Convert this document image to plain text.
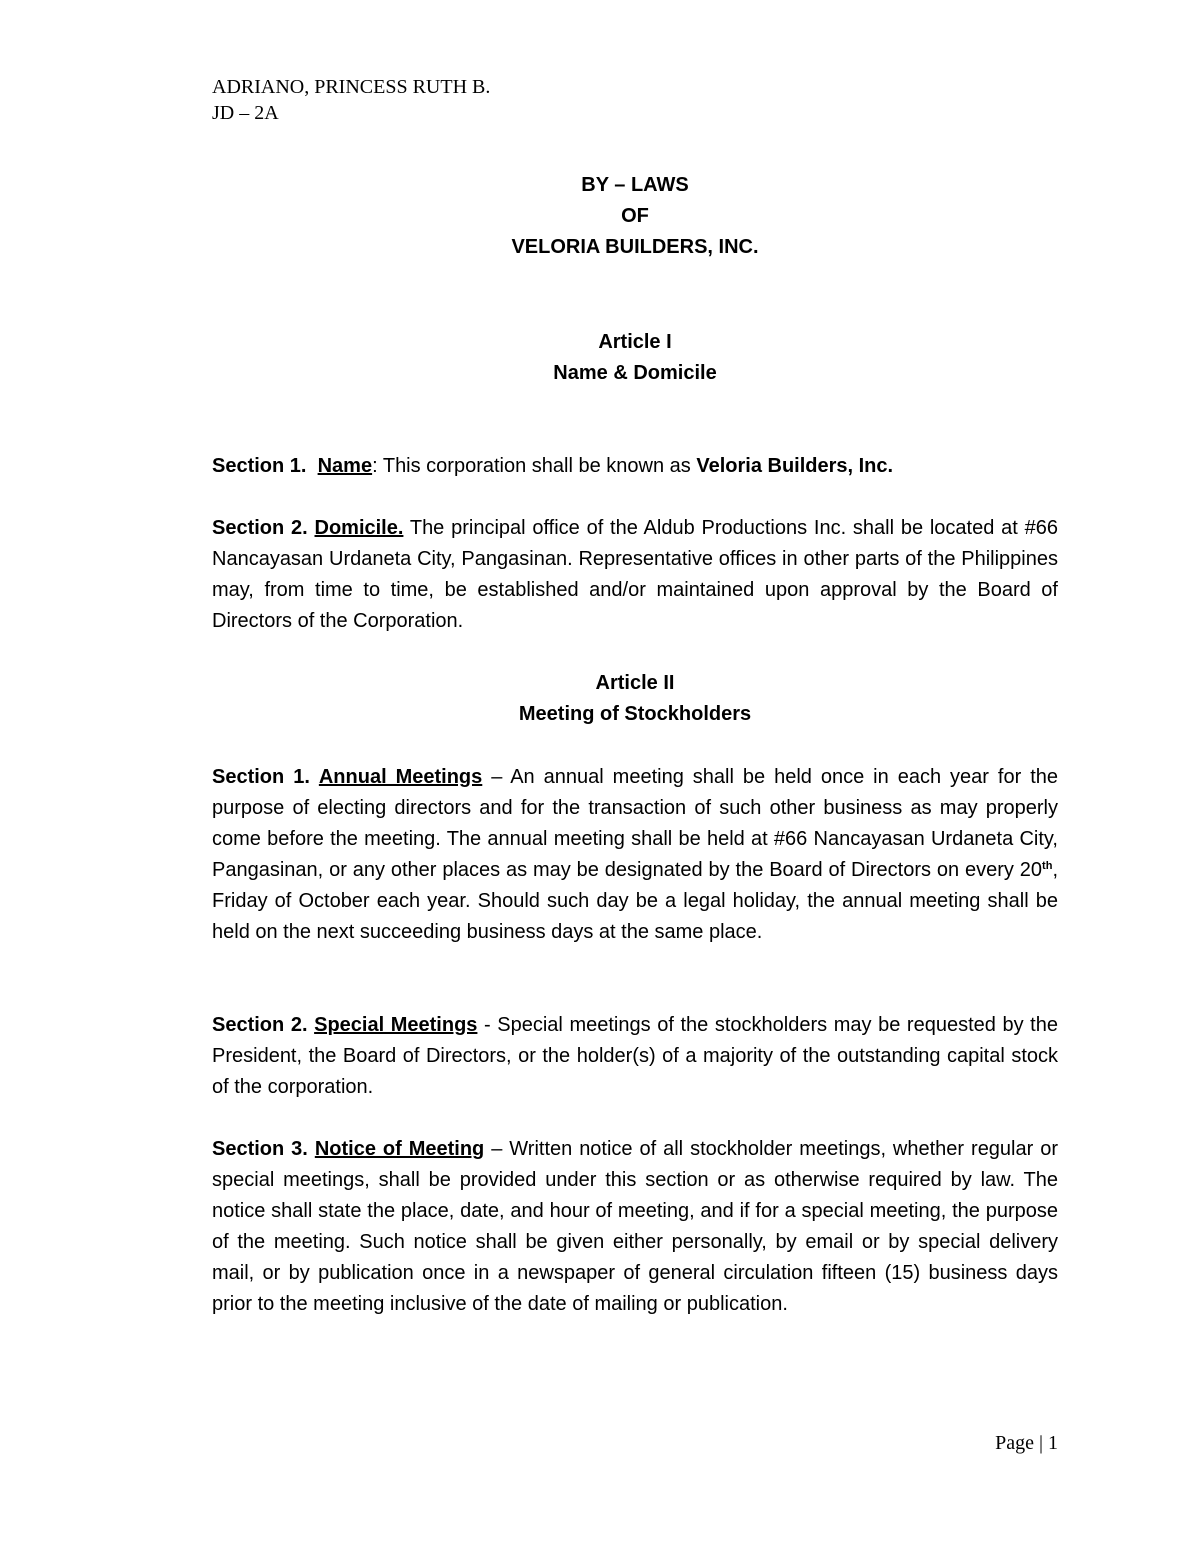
ADRIANO, PRINCESS RUTH B.
JD – 2A
BY – LAWS
OF
VELORIA BUILDERS, INC.
Article I
Name & Domicile
Section 1. Name: This corporation shall be known as Veloria Builders, Inc.
Section 2. Domicile. The principal office of the Aldub Productions Inc. shall be located at #66 Nancayasan Urdaneta City, Pangasinan. Representative offices in other parts of the Philippines may, from time to time, be established and/or maintained upon approval by the Board of Directors of the Corporation.
Article II
Meeting of Stockholders
Section 1. Annual Meetings – An annual meeting shall be held once in each year for the purpose of electing directors and for the transaction of such other business as may properly come before the meeting. The annual meeting shall be held at #66 Nancayasan Urdaneta City, Pangasinan, or any other places as may be designated by the Board of Directors on every 20th, Friday of October each year. Should such day be a legal holiday, the annual meeting shall be held on the next succeeding business days at the same place.
Section 2. Special Meetings - Special meetings of the stockholders may be requested by the President, the Board of Directors, or the holder(s) of a majority of the outstanding capital stock of the corporation.
Section 3. Notice of Meeting – Written notice of all stockholder meetings, whether regular or special meetings, shall be provided under this section or as otherwise required by law. The notice shall state the place, date, and hour of meeting, and if for a special meeting, the purpose of the meeting. Such notice shall be given either personally, by email or by special delivery mail, or by publication once in a newspaper of general circulation fifteen (15) business days prior to the meeting inclusive of the date of mailing or publication.
Page | 1
